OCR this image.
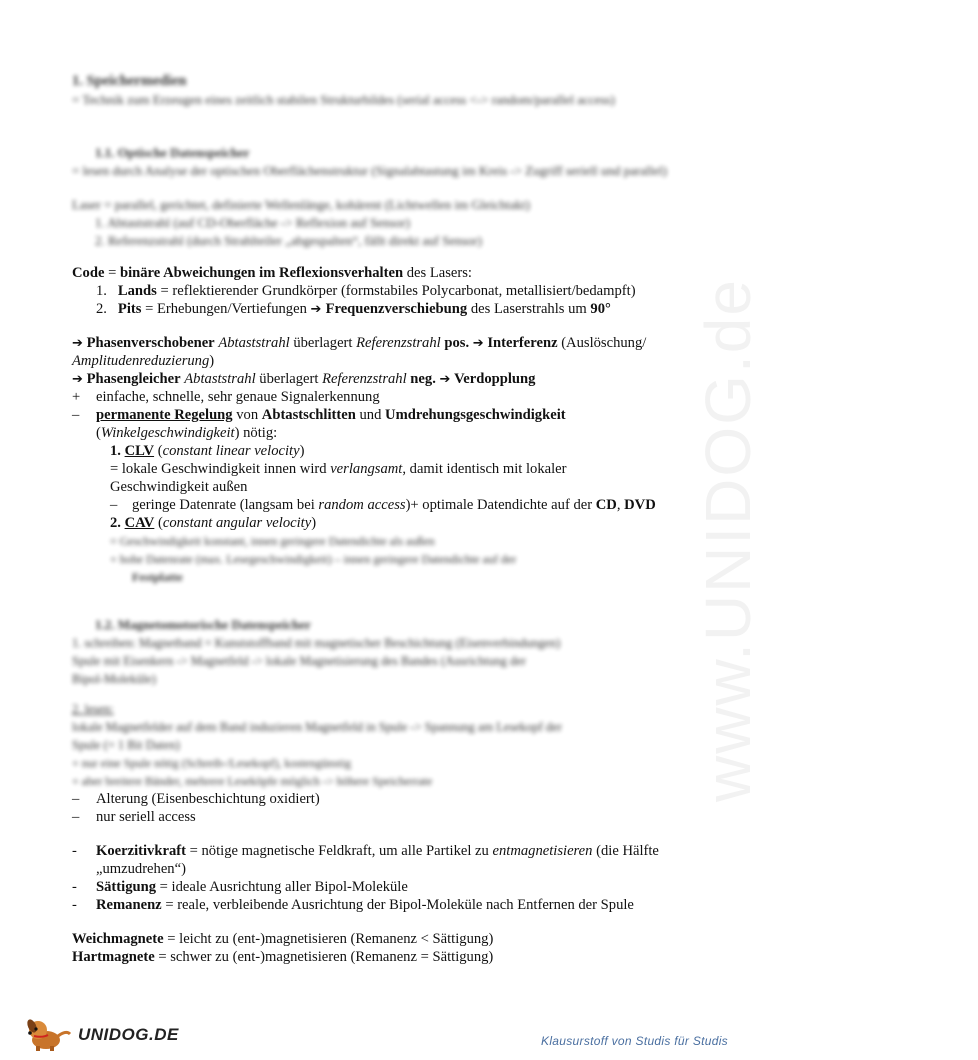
www.UNIDOG.de
1. Speichermedien
= Technik zum Erzeugen eines zeitlich stabilen Strukturbildes (serial access <-> random/parallel access)
1.1. Optische Datenspeicher
= lesen durch Analyse der optischen Oberflächenstruktur (Signalabtastung im Kreis -> Zugriff seriell und parallel)
Laser = parallel, gerichtet, definierte Wellenlänge, kohärent (Lichtwellen im Gleichtakt)
1. Abtaststrahl (auf CD-Oberfläche -> Reflexion auf Sensor)
2. Referenzstrahl (durch Strahlteiler „abgespalten“, fällt direkt auf Sensor)
Code = binäre Abweichungen im Reflexionsverhalten des Lasers:
1. Lands = reflektierender Grundkörper (formstabiles Polycarbonat, metallisiert/bedampft)
2. Pits = Erhebungen/Vertiefungen ➔ Frequenzverschiebung des Laserstrahls um 90°
➔ Phasenverschobener Abtaststrahl überlagert Referenzstrahl pos. ➔ Interferenz (Auslöschung/
Amplitudenreduzierung)
➔ Phasengleicher Abtaststrahl überlagert Referenzstrahl neg. ➔ Verdopplung
+ einfache, schnelle, sehr genaue Signalerkennung
– permanente Regelung von Abtastschlitten und Umdrehungsgeschwindigkeit
(Winkelgeschwindigkeit) nötig:
1. CLV (constant linear velocity)
= lokale Geschwindigkeit innen wird verlangsamt, damit identisch mit lokaler
Geschwindigkeit außen
– geringe Datenrate (langsam bei random access)+ optimale Datendichte auf der CD, DVD
2. CAV (constant angular velocity)
= Geschwindigkeit konstant, innen geringere Datendichte als außen
+ hohe Datenrate (max. Lesegeschwindigkeit) – innen geringere Datendichte auf der
Festplatte
1.2. Magnetomotorische Datenspeicher
1. schreiben: Magnetband = Kunststoffband mit magnetischer Beschichtung (Eisenverbindungen)
Spule mit Eisenkern -> Magnetfeld -> lokale Magnetisierung des Bandes (Ausrichtung der
Bipol-Moleküle)
2. lesen:
lokale Magnetfelder auf dem Band induzieren Magnetfeld in Spule -> Spannung am Lesekopf der
Spule (= 1 Bit Daten)
+ nur eine Spule nötig (Schreib-/Lesekopf), kostengünstig
+ aber breitere Bänder, mehrere Leseköpfe möglich -> höhere Speicherrate
– Alterung (Eisenbeschichtung oxidiert)
– nur seriell access
- Koerzitivkraft = nötige magnetische Feldkraft, um alle Partikel zu entmagnetisieren (die Hälfte
„umzudrehen“)
- Sättigung = ideale Ausrichtung aller Bipol-Moleküle
- Remanenz = reale, verbleibende Ausrichtung der Bipol-Moleküle nach Entfernen der Spule
Weichmagnete = leicht zu (ent-)magnetisieren (Remanenz < Sättigung)
Hartmagnete = schwer zu (ent-)magnetisieren (Remanenz = Sättigung)
UNIDOG.DE	Klausurstoff von Studis für Studis
